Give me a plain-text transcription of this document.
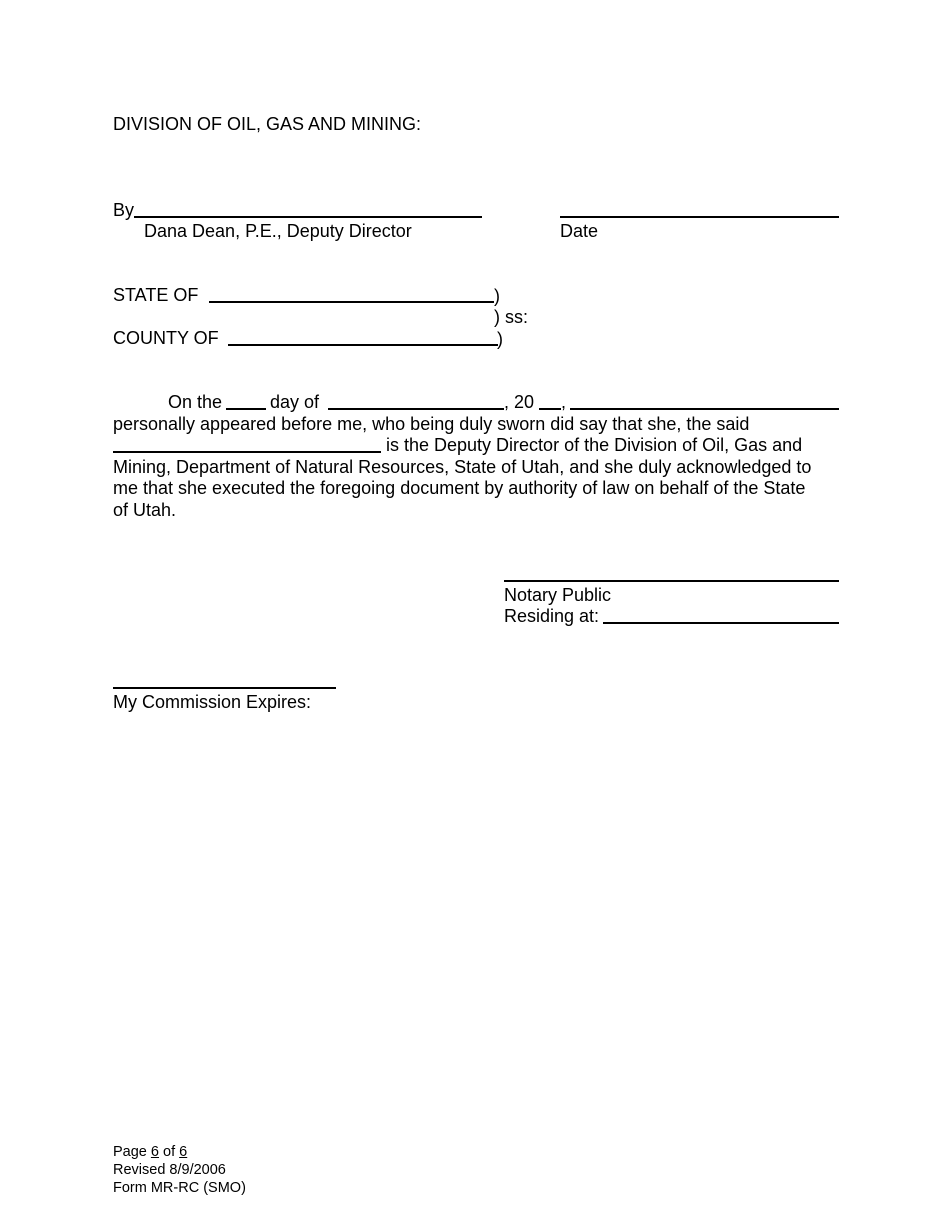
DIVISION OF OIL, GAS AND MINING:
By
Dana Dean, P.E., Deputy Director	Date
STATE OF	)
) ss:
COUNTY OF	)
On the	day of	, 20 ,
personally appeared before me, who being duly sworn did say that she, the said
is the Deputy Director of the Division of Oil, Gas and
Mining, Department of Natural Resources, State of Utah, and she duly acknowledged to
me that she executed the foregoing document by authority of law on behalf of the State
of Utah.
Notary Public
Residing at:
My Commission Expires:
Page 6 of 6
Revised 8/9/2006
Form MR-RC (SMO)
